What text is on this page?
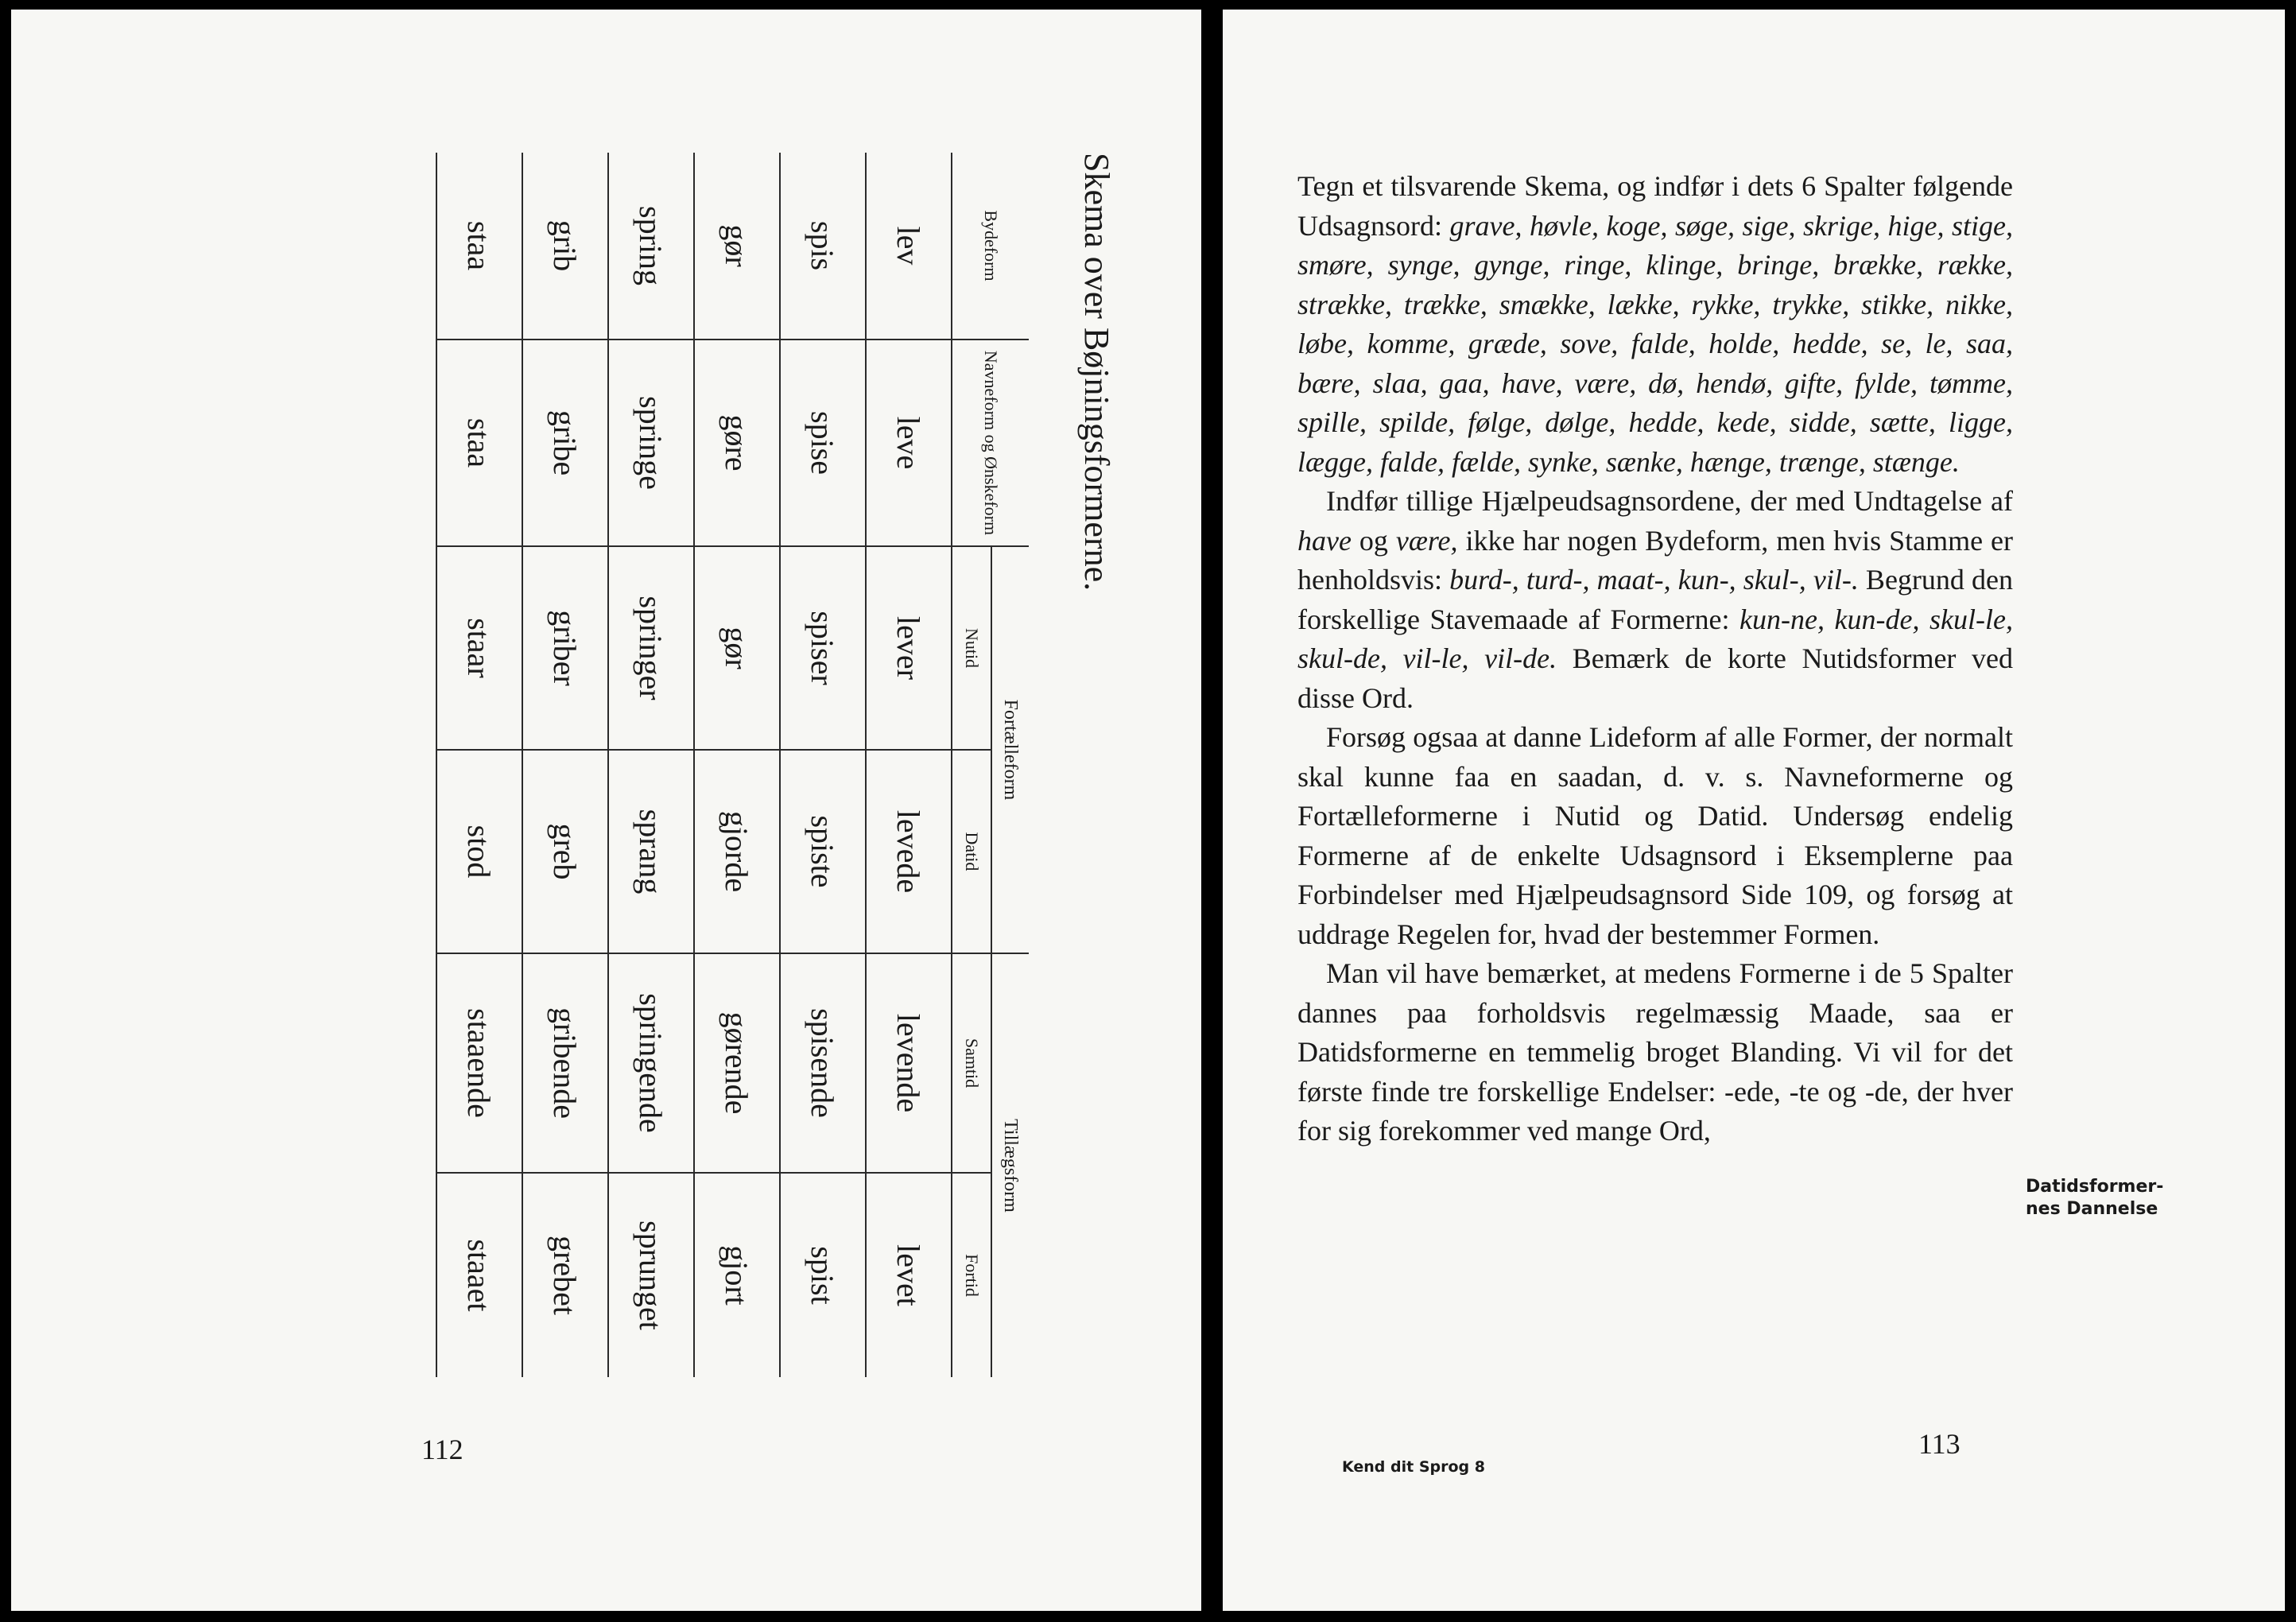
Skema over Bøjningsformerne.
Bydeform	Navneform og Ønskeform	Fortælleform		Tillægsform	
		Nutid	Datid	Samtid	Fortid
lev	leve	lever	levede	levende	levet
spis	spise	spiser	spiste	spisende	spist
gør	gøre	gør	gjorde	gørende	gjort
spring	springe	springer	sprang	springende	sprunget
grib	gribe	griber	greb	gribende	grebet
staa	staa	staar	stod	staaende	staaet
112

Tegn et tilsvarende Skema, og indfør i dets 6 Spalter følgende Udsagnsord: grave, høvle, koge, søge, sige, skrige, hige, stige, smøre, synge, gynge, ringe, klinge, bringe, brække, række, strække, trække, smække, lække, rykke, trykke, stikke, nikke, løbe, komme, græde, sove, falde, holde, hedde, se, le, saa, bære, slaa, gaa, have, være, dø, hendø, gifte, fylde, tømme, spille, spilde, følge, dølge, hedde, kede, sidde, sætte, ligge, lægge, falde, fælde, synke, sænke, hænge, trænge, stænge.

Indfør tillige Hjælpeudsagnsordene, der med Undtagelse af have og være, ikke har nogen Bydeform, men hvis Stamme er henholdsvis: burd-, turd-, maat-, kun-, skul-, vil-. Begrund den forskellige Stavemaade af Formerne: kun-ne, kun-de, skul-le, skul-de, vil-le, vil-de. Bemærk de korte Nutidsformer ved disse Ord.

Forsøg ogsaa at danne Lideform af alle Former, der normalt skal kunne faa en saadan, d. v. s. Navneformerne og Fortælleformerne i Nutid og Datid. Undersøg endelig Formerne af de enkelte Udsagnsord i Eksemplerne paa Forbindelser med Hjælpeudsagnsord Side 109, og forsøg at uddrage Regelen for, hvad der bestemmer Formen.

Man vil have bemærket, at medens Formerne i de 5 Spalter dannes paa forholdsvis regelmæssig Maade, saa er Datidsformerne en temmelig broget Blanding. Vi vil for det første finde tre forskellige Endelser: -ede, -te og -de, der hver for sig forekommer ved mange Ord,

Datidsformer-
nes Dannelse
Kend dit Sprog 8
113
